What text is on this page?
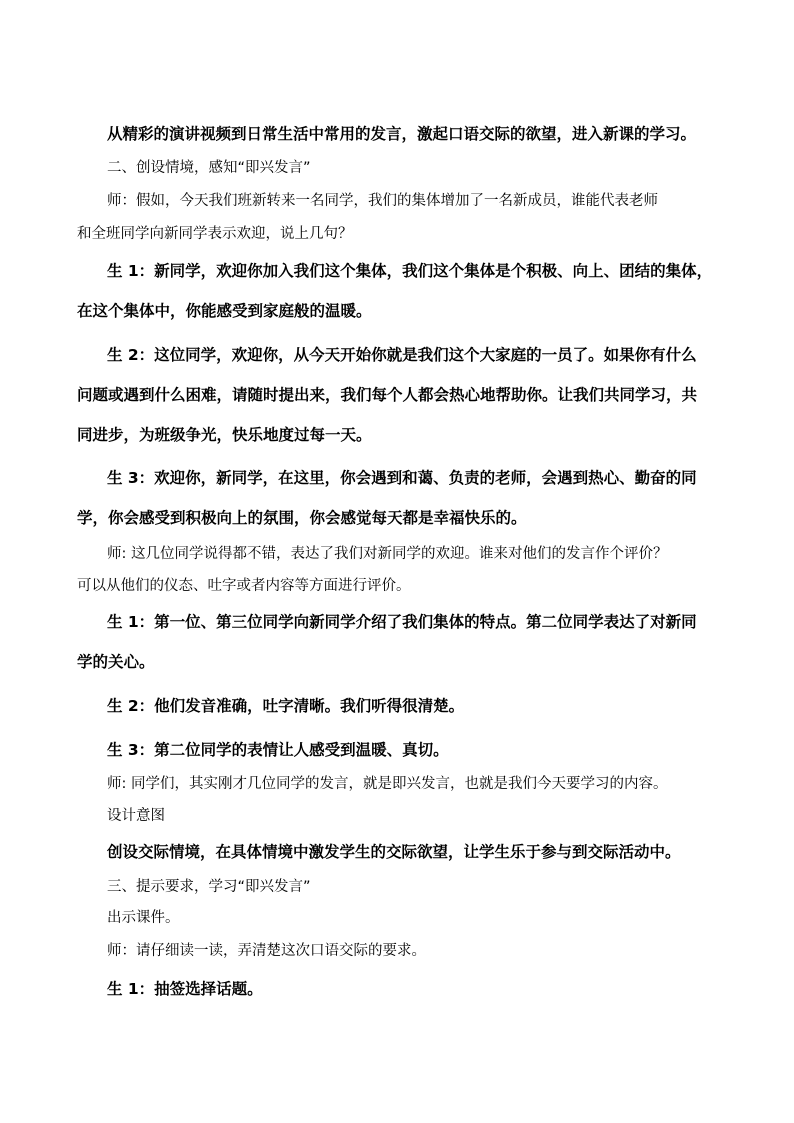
从精彩的演讲视频到日常生活中常用的发言，激起口语交际的欲望，进入新课的学习。
二、创设情境，感知“即兴发言”
师：假如，今天我们班新转来一名同学，我们的集体增加了一名新成员，谁能代表老师
和全班同学向新同学表示欢迎，说上几句？
生 1：新同学，欢迎你加入我们这个集体，我们这个集体是个积极、向上、团结的集体，
在这个集体中，你能感受到家庭般的温暖。
生 2：这位同学，欢迎你，从今天开始你就是我们这个大家庭的一员了。如果你有什么
问题或遇到什么困难，请随时提出来，我们每个人都会热心地帮助你。让我们共同学习，共
同进步，为班级争光，快乐地度过每一天。
生 3：欢迎你，新同学，在这里，你会遇到和蔼、负责的老师，会遇到热心、勤奋的同
学，你会感受到积极向上的氛围，你会感觉每天都是幸福快乐的。
师: 这几位同学说得都不错，表达了我们对新同学的欢迎。谁来对他们的发言作个评价？
可以从他们的仪态、吐字或者内容等方面进行评价。
生 1：第一位、第三位同学向新同学介绍了我们集体的特点。第二位同学表达了对新同
学的关心。
生 2：他们发音准确，吐字清晰。我们听得很清楚。
生 3：第二位同学的表情让人感受到温暖、真切。
师: 同学们，其实刚才几位同学的发言，就是即兴发言，也就是我们今天要学习的内容。
设计意图
创设交际情境，在具体情境中激发学生的交际欲望，让学生乐于参与到交际活动中。
三、提示要求，学习“即兴发言”
出示课件。
师：请仔细读一读，弄清楚这次口语交际的要求。
生 1：抽签选择话题。
